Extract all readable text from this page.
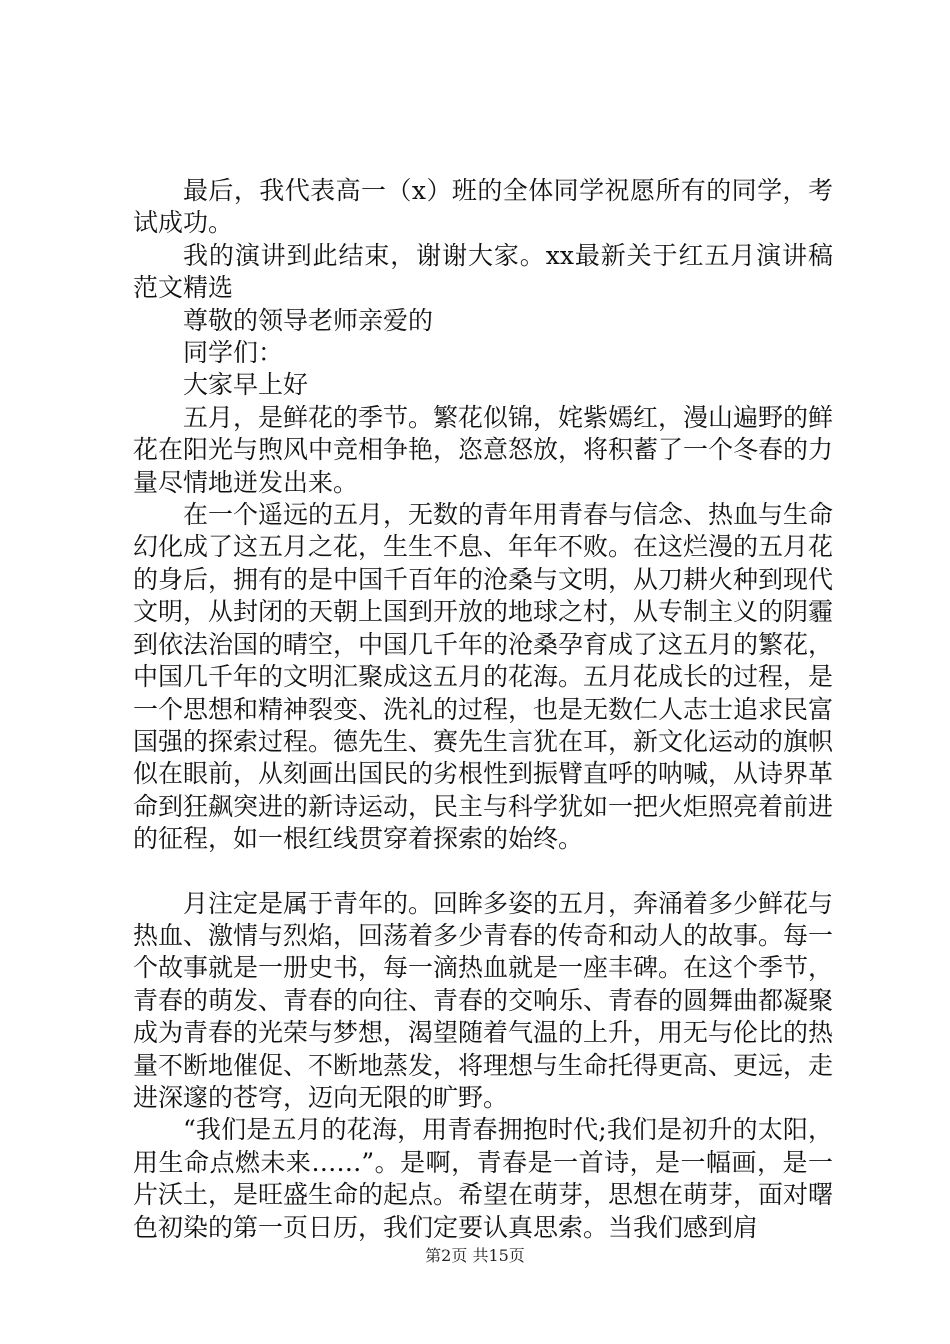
最后，我代表高一（x）班的全体同学祝愿所有的同学，考试成功。

我的演讲到此结束，谢谢大家。xx最新关于红五月演讲稿范文精选

尊敬的领导老师亲爱的

同学们：

大家早上好

五月，是鲜花的季节。繁花似锦，姹紫嫣红，漫山遍野的鲜花在阳光与煦风中竞相争艳，恣意怒放，将积蓄了一个冬春的力量尽情地迸发出来。

在一个遥远的五月，无数的青年用青春与信念、热血与生命幻化成了这五月之花，生生不息、年年不败。在这烂漫的五月花的身后，拥有的是中国千百年的沧桑与文明，从刀耕火种到现代文明，从封闭的天朝上国到开放的地球之村，从专制主义的阴霾到依法治国的晴空，中国几千年的沧桑孕育成了这五月的繁花，中国几千年的文明汇聚成这五月的花海。五月花成长的过程，是一个思想和精神裂变、洗礼的过程，也是无数仁人志士追求民富国强的探索过程。德先生、赛先生言犹在耳，新文化运动的旗帜似在眼前，从刻画出国民的劣根性到振臂直呼的呐喊，从诗界革命到狂飙突进的新诗运动，民主与科学犹如一把火炬照亮着前进的征程，如一根红线贯穿着探索的始终。

月注定是属于青年的。回眸多姿的五月，奔涌着多少鲜花与热血、激情与烈焰，回荡着多少青春的传奇和动人的故事。每一个故事就是一册史书，每一滴热血就是一座丰碑。在这个季节，青春的萌发、青春的向往、青春的交响乐、青春的圆舞曲都凝聚成为青春的光荣与梦想，渴望随着气温的上升，用无与伦比的热量不断地催促、不断地蒸发，将理想与生命托得更高、更远，走进深邃的苍穹，迈向无限的旷野。

“我们是五月的花海，用青春拥抱时代;我们是初升的太阳，用生命点燃未来……”。是啊，青春是一首诗，是一幅画，是一片沃土，是旺盛生命的起点。希望在萌芽，思想在萌芽，面对曙色初染的第一页日历，我们定要认真思索。当我们感到肩

第2页 共15页
